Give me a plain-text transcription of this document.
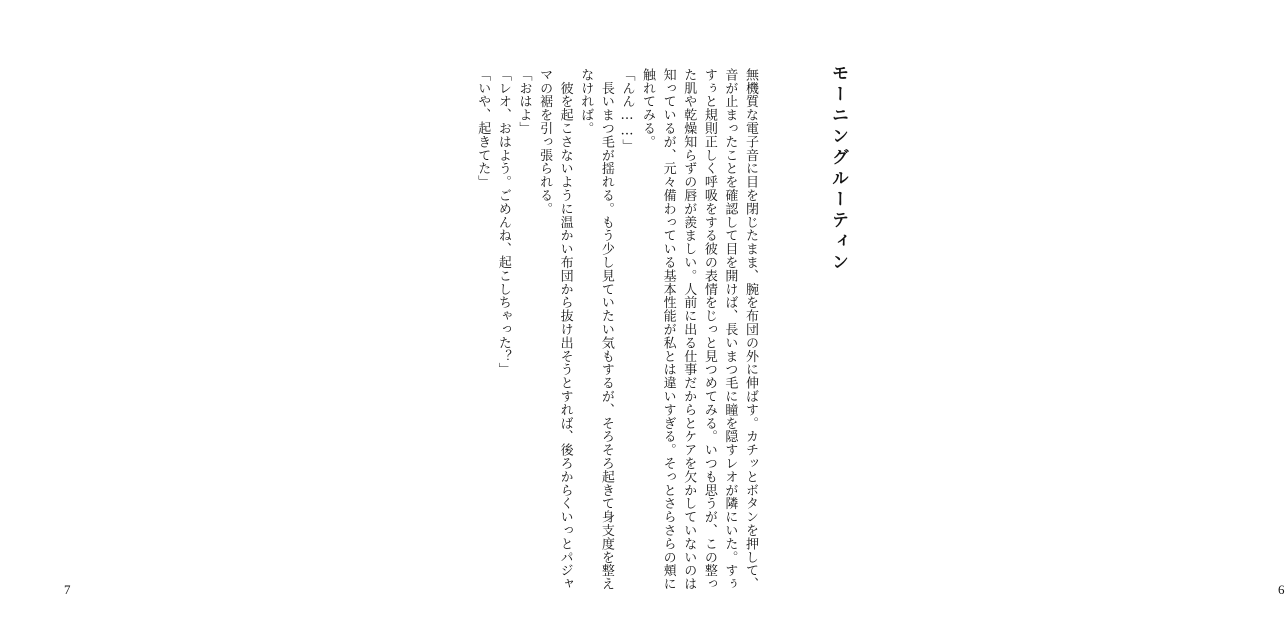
7	6
モーニングルーティン
無機質な電子音に目を閉じたまま、腕を布団の外に伸ばす。カチッとボタンを押して、
音が止まったことを確認して目を開けば、長いまつ毛に瞳を隠すレオが隣にいた。すぅ
すぅと規則正しく呼吸をする彼の表情をじっと見つめてみる。いつも思うが、この整っ
た肌や乾燥知らずの唇が羨ましい。人前に出る仕事だからとケアを欠かしていないのは
知っているが、元々備わっている基本性能が私とは違いすぎる。そっとさらさらの頬に
触れてみる。
「んん……」
　長いまつ毛が揺れる。もう少し見ていたい気もするが、そろそろ起きて身支度を整え
なければ。
　彼を起こさないように温かい布団から抜け出そうとすれば、後ろからくいっとパジャ
マの裾を引っ張られる。
「おはよ」
「レオ、おはよう。ごめんね、起こしちゃった？」
「いや、起きてた」
